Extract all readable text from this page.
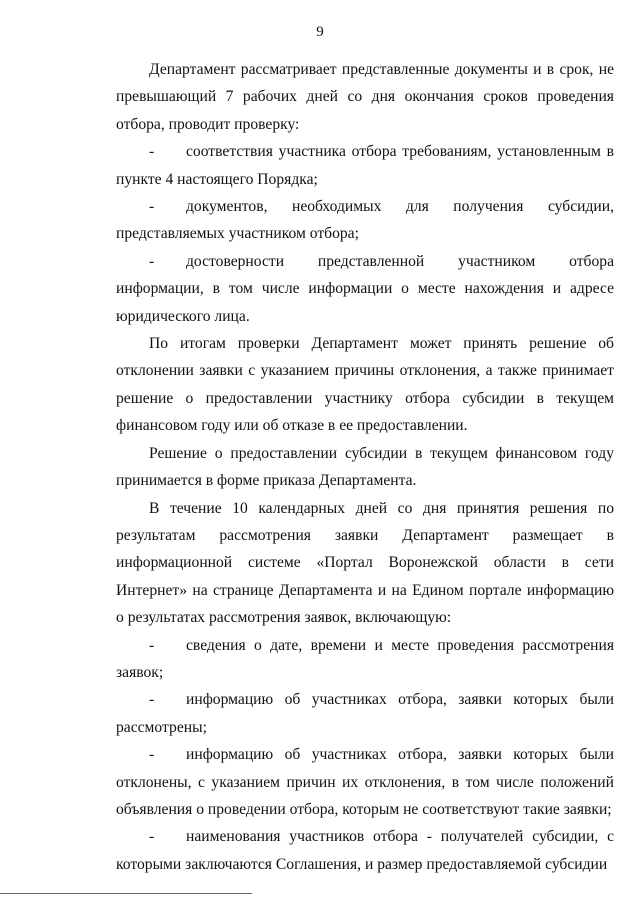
9

Департамент рассматривает представленные документы и в срок, не превышающий 7 рабочих дней со дня окончания сроков проведения отбора, проводит проверку:

- соответствия участника отбора требованиям, установленным в пункте 4 настоящего Порядка;

- документов, необходимых для получения субсидии, представляемых участником отбора;

- достоверности представленной участником отбора информации, в том числе информации о месте нахождения и адресе юридического лица.

По итогам проверки Департамент может принять решение об отклонении заявки с указанием причины отклонения, а также принимает решение о предоставлении участнику отбора субсидии в текущем финансовом году или об отказе в ее предоставлении.

Решение о предоставлении субсидии в текущем финансовом году принимается в форме приказа Департамента.

В течение 10 календарных дней со дня принятия решения по результатам рассмотрения заявки Департамент размещает в информационной системе «Портал Воронежской области в сети Интернет» на странице Департамента и на Едином портале информацию о результатах рассмотрения заявок, включающую:

- сведения о дате, времени и месте проведения рассмотрения заявок;

- информацию об участниках отбора, заявки которых были рассмотрены;

- информацию об участниках отбора, заявки которых были отклонены, с указанием причин их отклонения, в том числе положений объявления о проведении отбора, которым не соответствуют такие заявки;

- наименования участников отбора - получателей субсидии, с которыми заключаются Соглашения, и размер предоставляемой субсидии
